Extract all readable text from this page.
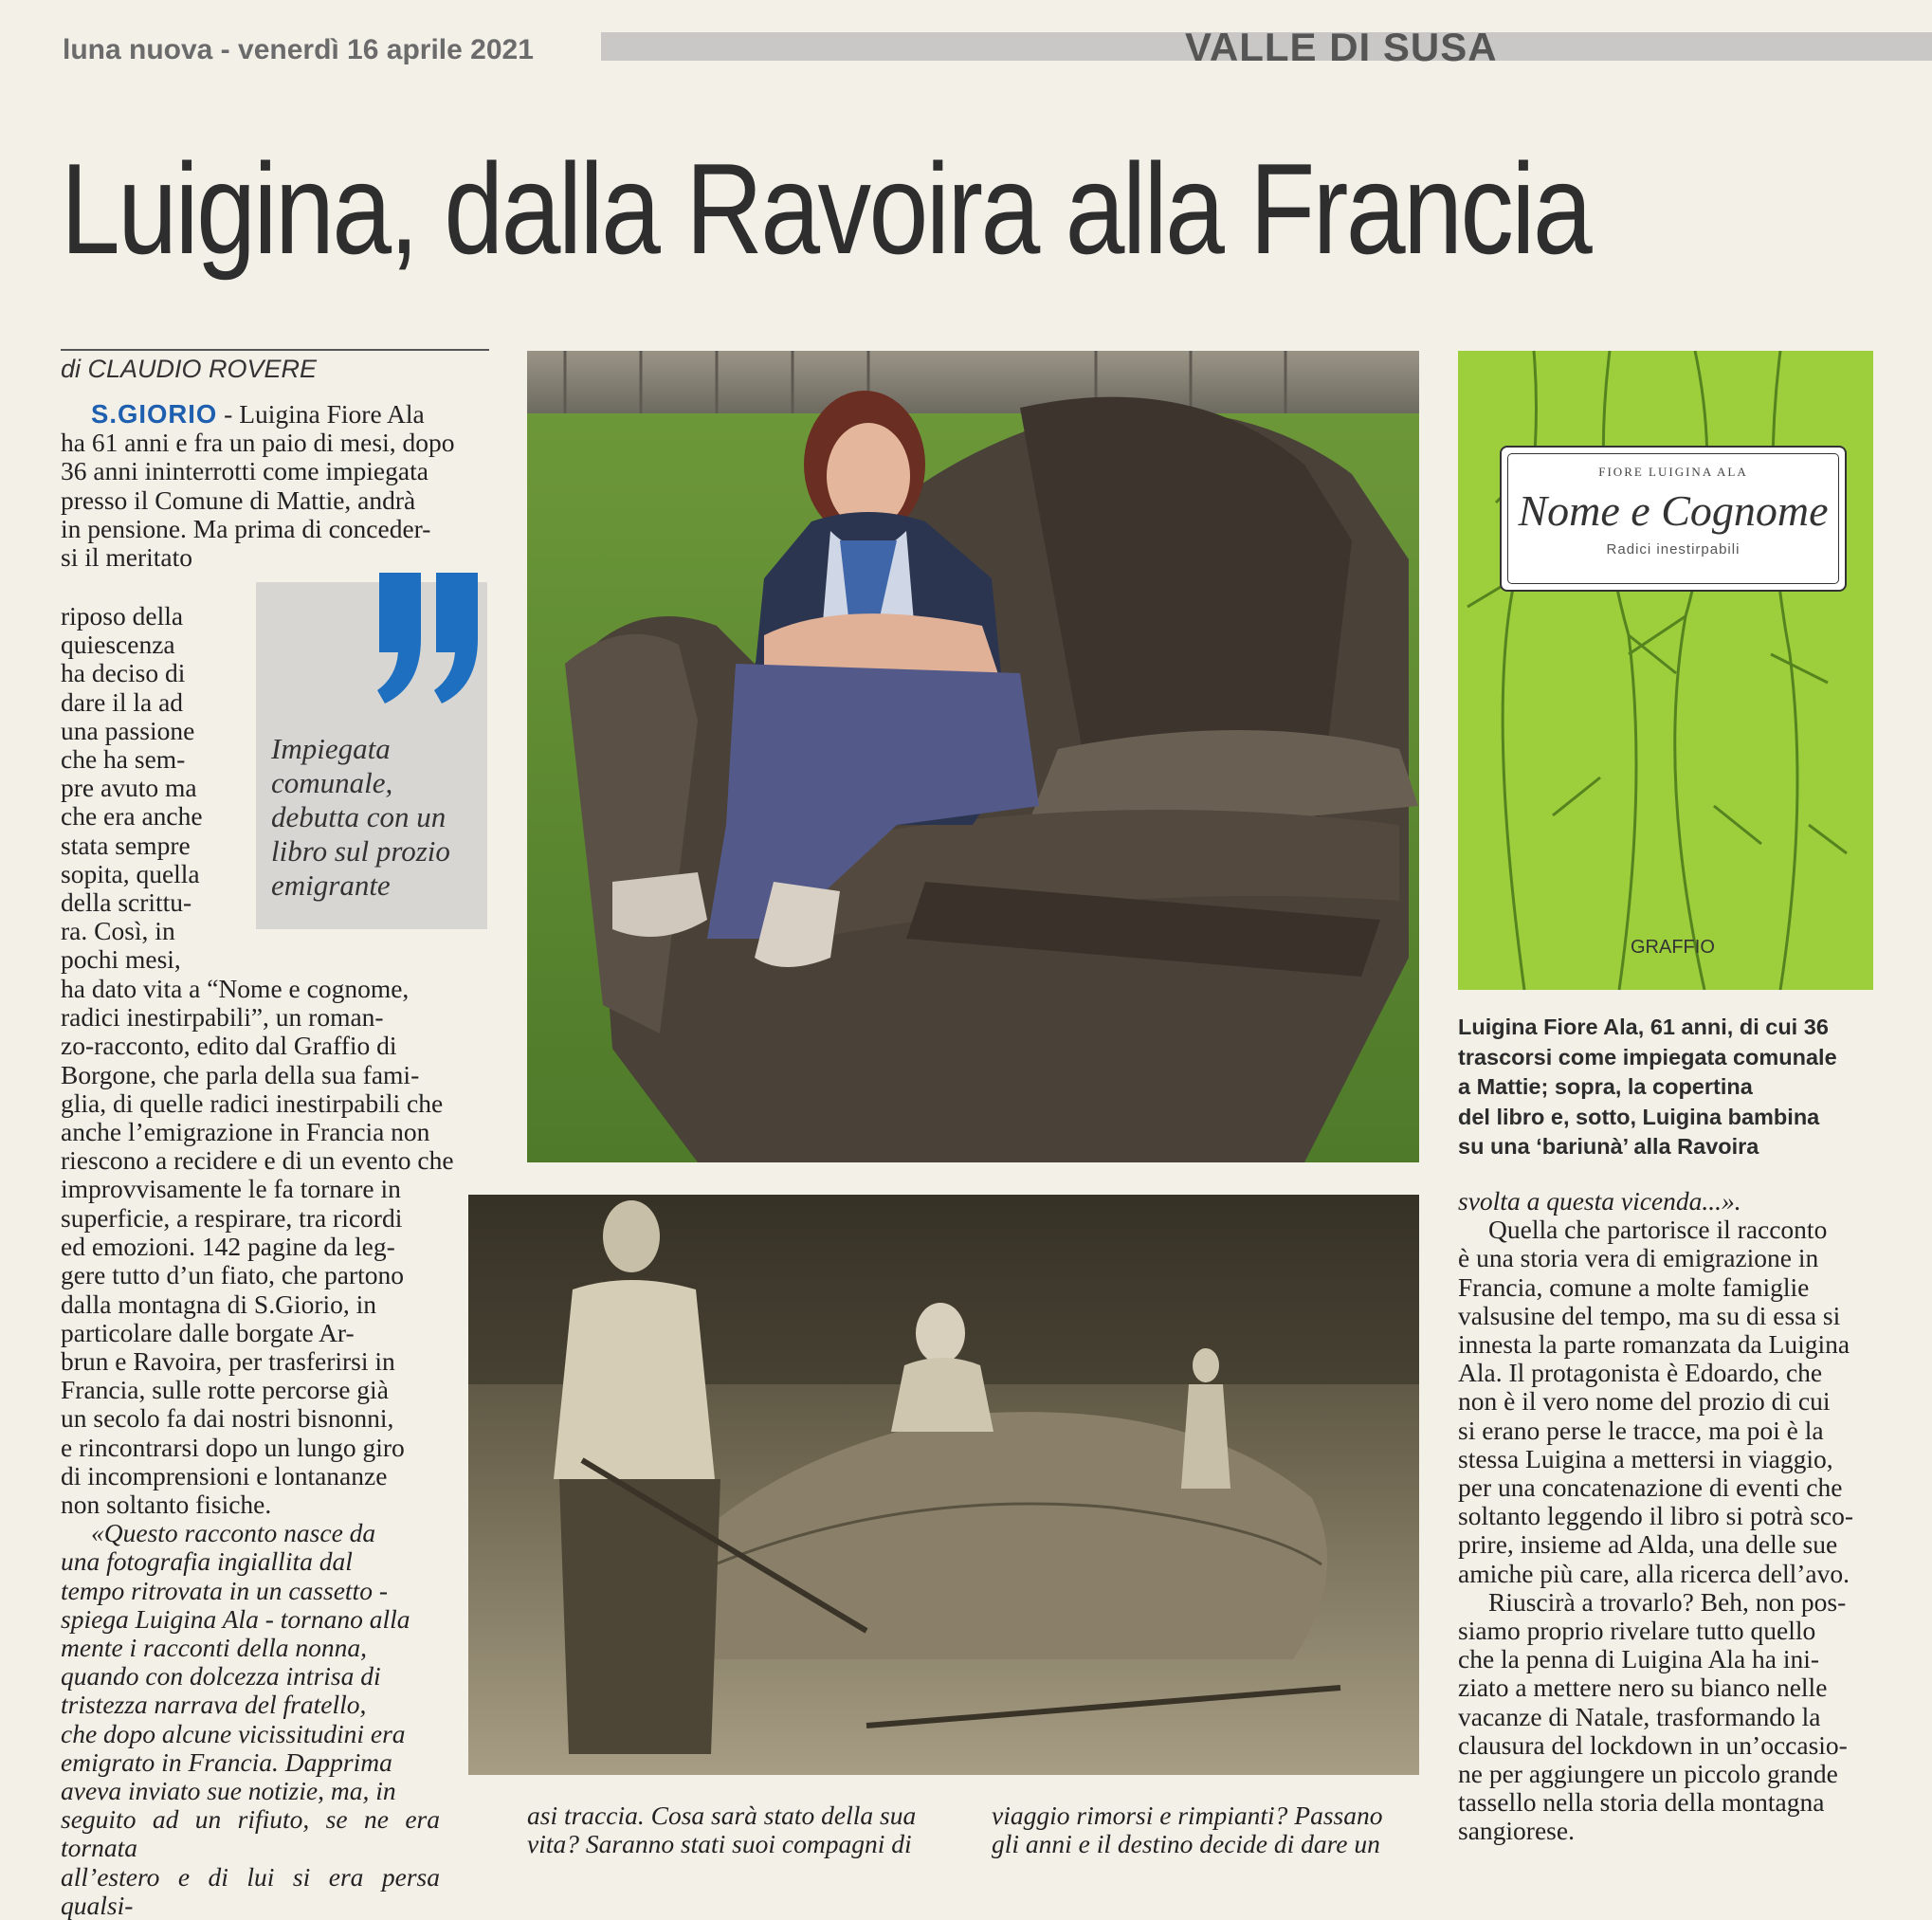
luna nuova - venerdì 16 aprile 2021	VALLE DI SUSA
Luigina, dalla Ravoira alla Francia
di CLAUDIO ROVERE

S.GIORIO - Luigina Fiore Ala

ha 61 anni e fra un paio di mesi, dopo
36 anni ininterrotti come impiegata
presso il Comune di Mattie, andrà
in pensione. Ma prima di conceder-
si il meritato
riposo della
quiescenza
ha deciso di
dare il la ad
una passione
che ha sem-
pre avuto ma
che era anche
stata sempre
sopita, quella
della scrittu-
ra. Così, in
pochi mesi,
ha dato vita a “Nome e cognome,
radici inestirpabili”, un roman-
zo-racconto, edito dal Graffio di
Borgone, che parla della sua fami-
glia, di quelle radici inestirpabili che
anche l’emigrazione in Francia non
riescono a recidere e di un evento che
improvvisamente le fa tornare in
superficie, a respirare, tra ricordi
ed emozioni. 142 pagine da leg-
gere tutto d’un fiato, che partono
dalla montagna di S.Giorio, in
particolare dalle borgate Ar-
brun e Ravoira, per trasferirsi in
Francia, sulle rotte percorse già
un secolo fa dai nostri bisnonni,
e rincontrarsi dopo un lungo giro
di incomprensioni e lontananze
non soltanto fisiche.
«Questo racconto nasce da
una fotografia ingiallita dal
tempo ritrovata in un cassetto -
spiega Luigina Ala - tornano alla
mente i racconti della nonna,
quando con dolcezza intrisa di
tristezza narrava del fratello,
che dopo alcune vicissitudini era
emigrato in Francia. Dapprima
aveva inviato sue notizie, ma, in
seguito ad un rifiuto, se ne era tornata
all’estero e di lui si era persa qualsi-
Impiegata
comunale,
debutta con un
libro sul prozio
emigrante
FIORE LUIGINA ALA
Nome e Cognome
Radici inestirpabili
GRAFFIO
Luigina Fiore Ala, 61 anni, di cui 36
trascorsi come impiegata comunale
a Mattie; sopra, la copertina
del libro e, sotto, Luigina bambina
su una ‘bariunà’ alla Ravoira
asi traccia. Cosa sarà stato della sua
vita? Saranno stati suoi compagni di
viaggio rimorsi e rimpianti? Passano
gli anni e il destino decide di dare un
svolta a questa vicenda...».
Quella che partorisce il racconto
è una storia vera di emigrazione in
Francia, comune a molte famiglie
valsusine del tempo, ma su di essa si
innesta la parte romanzata da Luigina
Ala. Il protagonista è Edoardo, che
non è il vero nome del prozio di cui
si erano perse le tracce, ma poi è la
stessa Luigina a mettersi in viaggio,
per una concatenazione di eventi che
soltanto leggendo il libro si potrà sco-
prire, insieme ad Alda, una delle sue
amiche più care, alla ricerca dell’avo.
Riuscirà a trovarlo? Beh, non pos-
siamo proprio rivelare tutto quello
che la penna di Luigina Ala ha ini-
ziato a mettere nero su bianco nelle
vacanze di Natale, trasformando la
clausura del lockdown in un’occasio-
ne per aggiungere un piccolo grande
tassello nella storia della montagna
sangiorese.
